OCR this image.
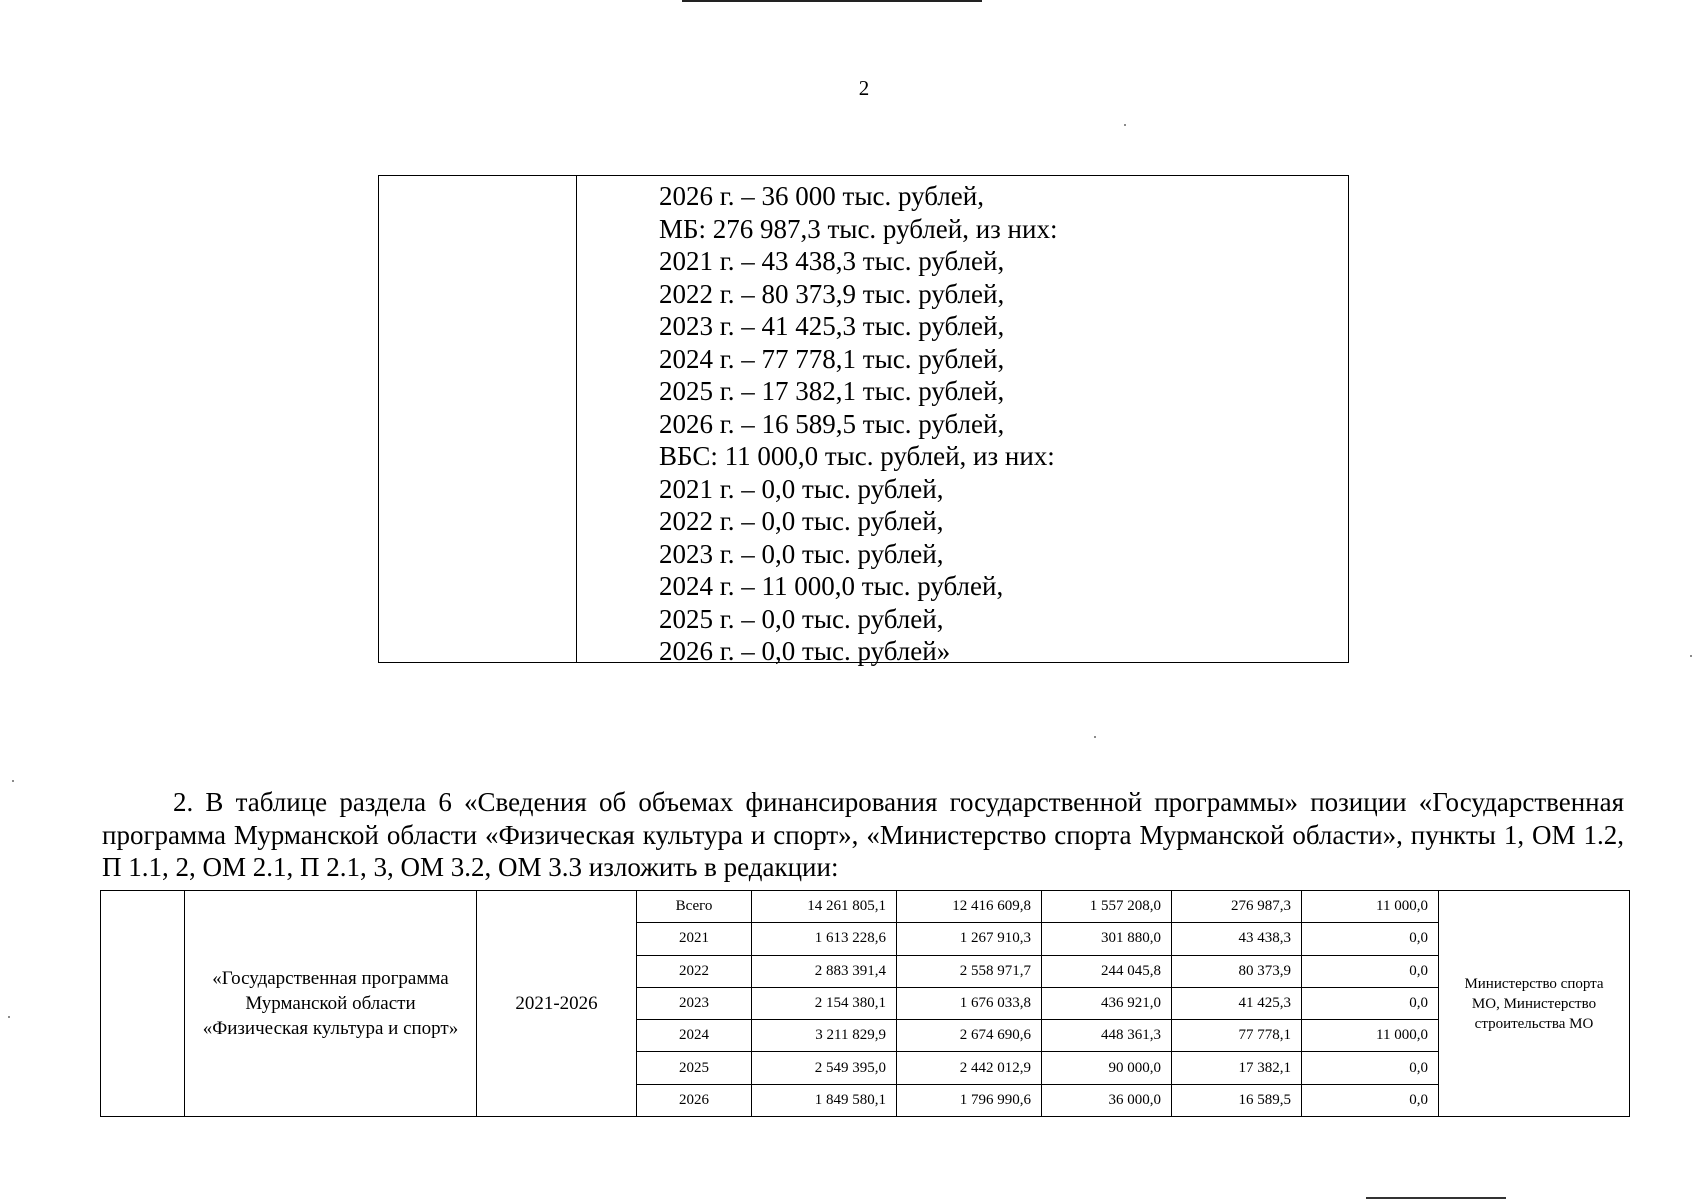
2
2026 г. – 36 000 тыс. рублей,
МБ: 276 987,3 тыс. рублей, из них:
2021 г. – 43 438,3 тыс. рублей,
2022 г. – 80 373,9 тыс. рублей,
2023 г. – 41 425,3 тыс. рублей,
2024 г. – 77 778,1 тыс. рублей,
2025 г. – 17 382,1 тыс. рублей,
2026 г. – 16 589,5 тыс. рублей,
ВБС: 11 000,0 тыс. рублей, из них:
2021 г. – 0,0 тыс. рублей,
2022 г. – 0,0 тыс. рублей,
2023 г. – 0,0 тыс. рублей,
2024 г. – 11 000,0 тыс. рублей,
2025 г. – 0,0 тыс. рублей,
2026 г. – 0,0 тыс. рублей»

2. В таблице раздела 6 «Сведения об объемах финансирования государственной программы» позиции «Государственная программа Мурманской области «Физическая культура и спорт», «Министерство спорта Мурманской области», пункты 1, ОМ 1.2, П 1.1, 2, ОМ 2.1, П 2.1, 3, ОМ 3.2, ОМ 3.3 изложить в редакции:

	«Государственная программа Мурманской области «Физическая культура и спорт»	2021-2026	Всего	14 261 805,1	12 416 609,8	1 557 208,0	276 987,3	11 000,0	Министерство спорта МО, Министерство строительства МО
			2021	1 613 228,6	1 267 910,3	301 880,0	43 438,3	0,0	
			2022	2 883 391,4	2 558 971,7	244 045,8	80 373,9	0,0	
			2023	2 154 380,1	1 676 033,8	436 921,0	41 425,3	0,0	
			2024	3 211 829,9	2 674 690,6	448 361,3	77 778,1	11 000,0	
			2025	2 549 395,0	2 442 012,9	90 000,0	17 382,1	0,0	
			2026	1 849 580,1	1 796 990,6	36 000,0	16 589,5	0,0	
